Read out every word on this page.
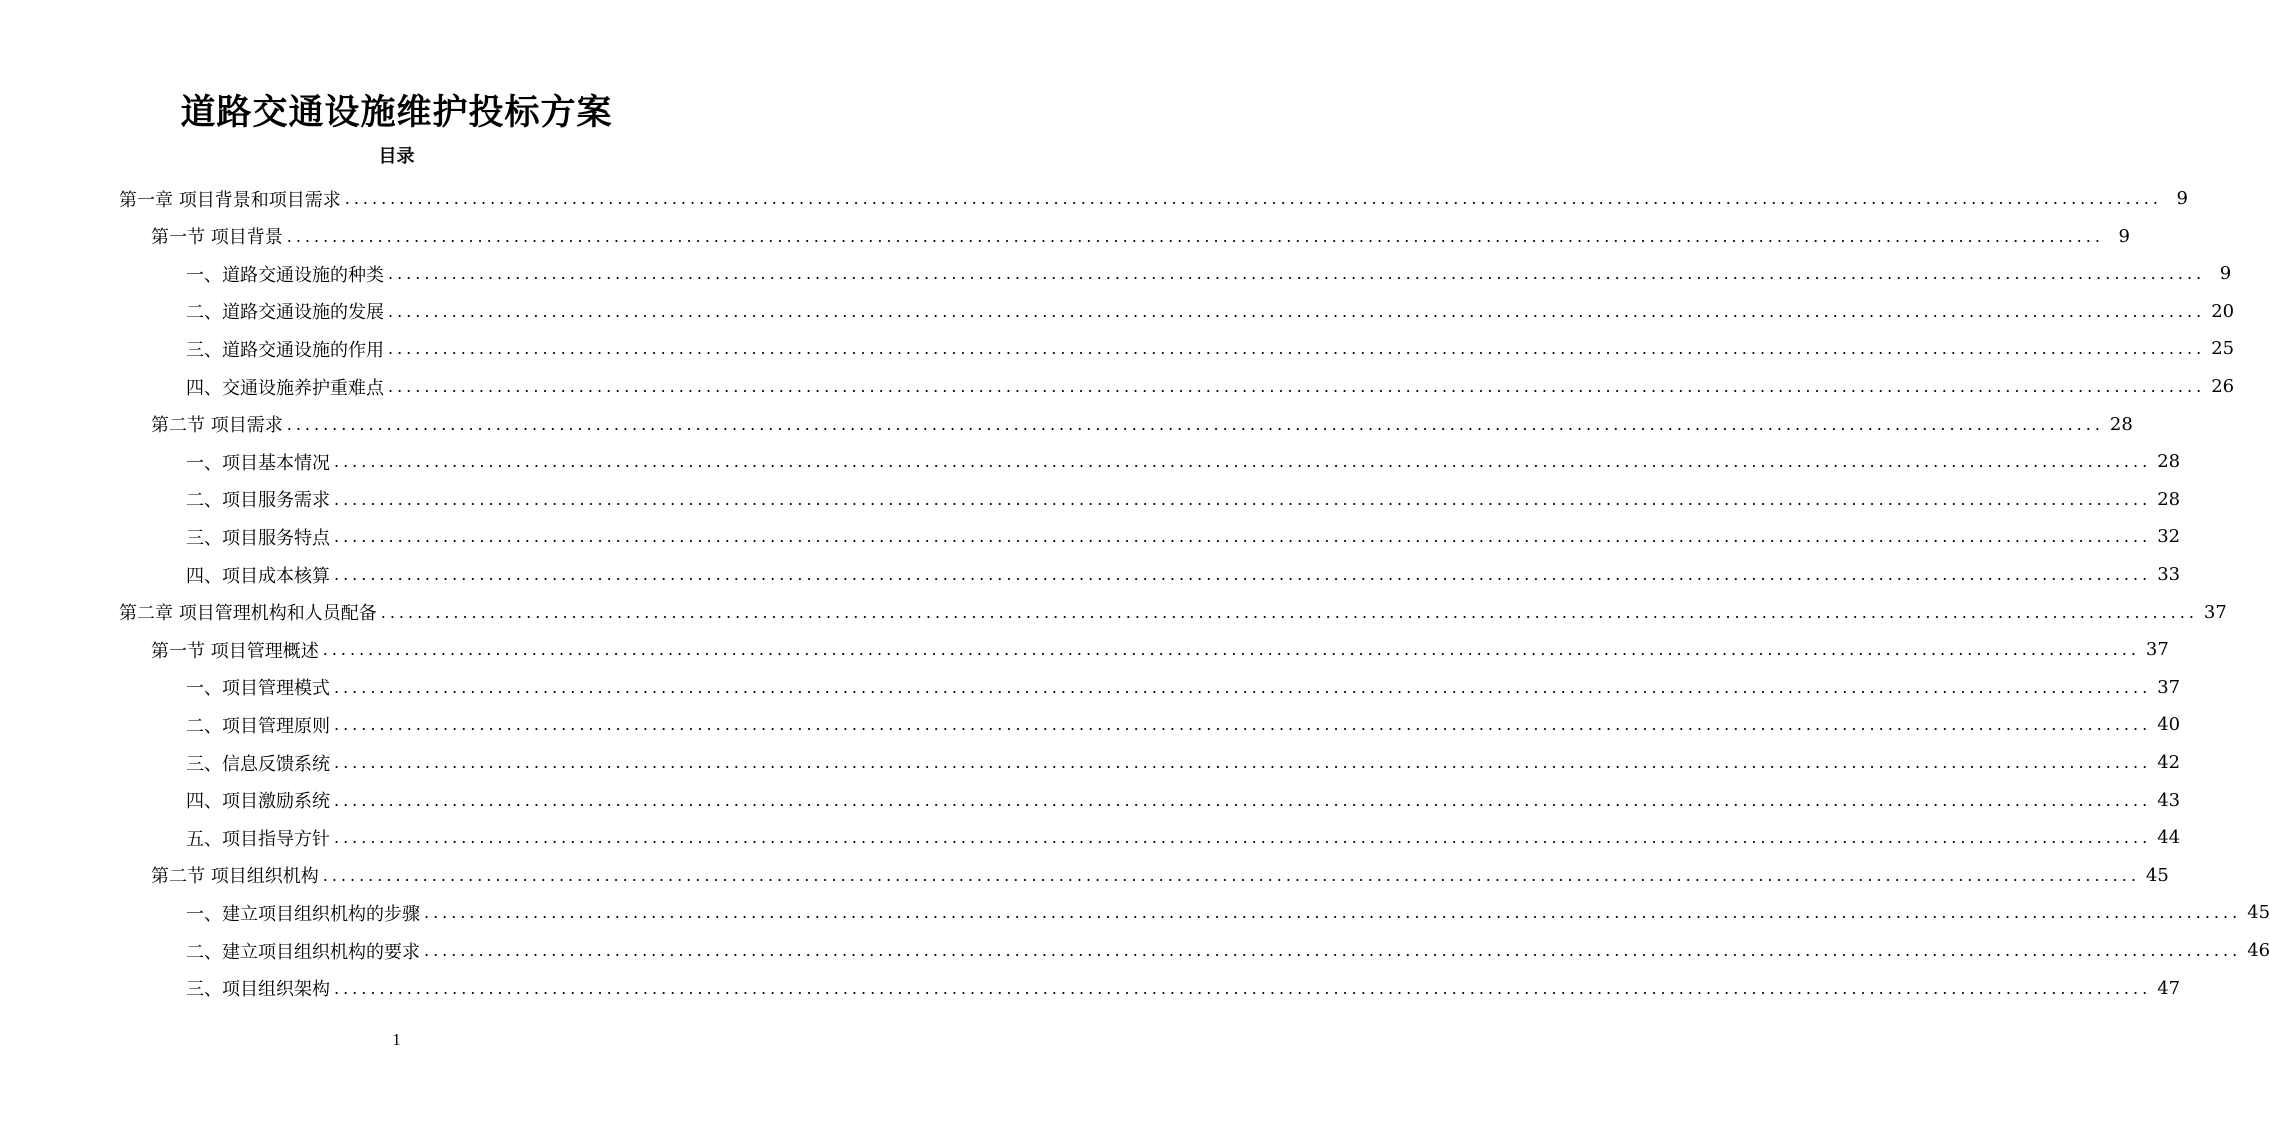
道路交通设施维护投标方案
目录
第一章 项目背景和项目需求 ........................................................................................................................................................................................................ 9
第一节 项目背景 ........................................................................................................................................................................................................ 9
一、道路交通设施的种类 ........................................................................................................................................................................................................ 9
二、道路交通设施的发展 ........................................................................................................................................................................................................ 20
三、道路交通设施的作用 ........................................................................................................................................................................................................ 25
四、交通设施养护重难点 ........................................................................................................................................................................................................ 26
第二节 项目需求 ........................................................................................................................................................................................................ 28
一、项目基本情况 ........................................................................................................................................................................................................ 28
二、项目服务需求 ........................................................................................................................................................................................................ 28
三、项目服务特点 ........................................................................................................................................................................................................ 32
四、项目成本核算 ........................................................................................................................................................................................................ 33
第二章 项目管理机构和人员配备 ........................................................................................................................................................................................................ 37
第一节 项目管理概述 ........................................................................................................................................................................................................ 37
一、项目管理模式 ........................................................................................................................................................................................................ 37
二、项目管理原则 ........................................................................................................................................................................................................ 40
三、信息反馈系统 ........................................................................................................................................................................................................ 42
四、项目激励系统 ........................................................................................................................................................................................................ 43
五、项目指导方针 ........................................................................................................................................................................................................ 44
第二节 项目组织机构 ........................................................................................................................................................................................................ 45
一、建立项目组织机构的步骤 ........................................................................................................................................................................................................ 45
二、建立项目组织机构的要求 ........................................................................................................................................................................................................ 46
三、项目组织架构 ........................................................................................................................................................................................................ 47
1
